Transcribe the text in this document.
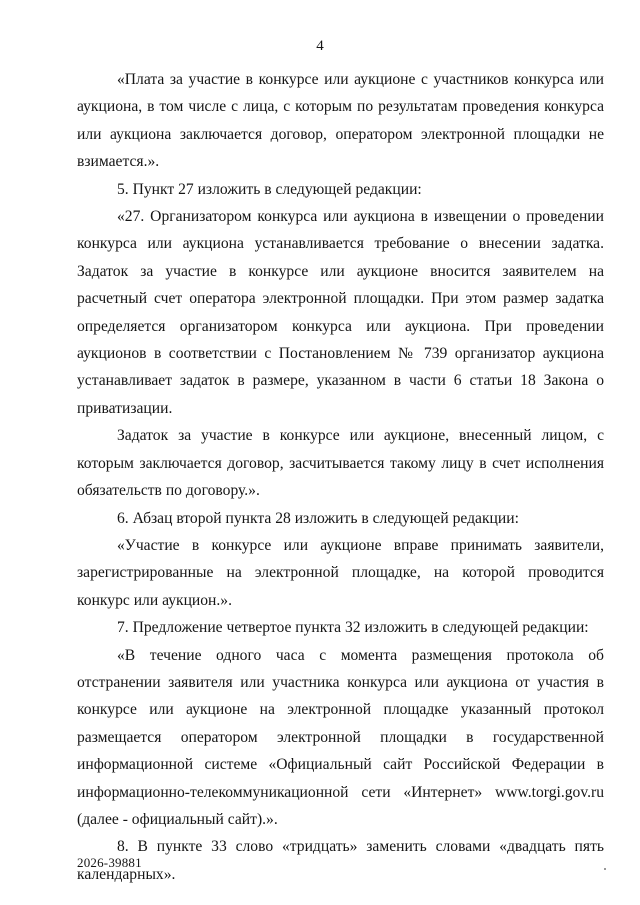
4

«Плата за участие в конкурсе или аукционе с участников конкурса или аукциона, в том числе с лица, с которым по результатам проведения конкурса или аукциона заключается договор, оператором электронной площадки не взимается.».

5. Пункт 27 изложить в следующей редакции:

«27. Организатором конкурса или аукциона в извещении о проведении конкурса или аукциона устанавливается требование о внесении задатка. Задаток за участие в конкурсе или аукционе вносится заявителем на расчетный счет оператора электронной площадки. При этом размер задатка определяется организатором конкурса или аукциона. При проведении аукционов в соответствии с Постановлением № 739 организатор аукциона устанавливает задаток в размере, указанном в части 6 статьи 18 Закона о приватизации.

Задаток за участие в конкурсе или аукционе, внесенный лицом, с которым заключается договор, засчитывается такому лицу в счет исполнения обязательств по договору.».

6. Абзац второй пункта 28 изложить в следующей редакции:

«Участие в конкурсе или аукционе вправе принимать заявители, зарегистрированные на электронной площадке, на которой проводится конкурс или аукцион.».

7. Предложение четвертое пункта 32 изложить в следующей редакции:

«В течение одного часа с момента размещения протокола об отстранении заявителя или участника конкурса или аукциона от участия в конкурсе или аукционе на электронной площадке указанный протокол размещается оператором электронной площадки в государственной информационной системе «Официальный сайт Российской Федерации в информационно-телекоммуникационной сети «Интернет» www.torgi.gov.ru (далее - официальный сайт).».

8. В пункте 33 слово «тридцать» заменить словами «двадцать пять календарных».

2026-39881
